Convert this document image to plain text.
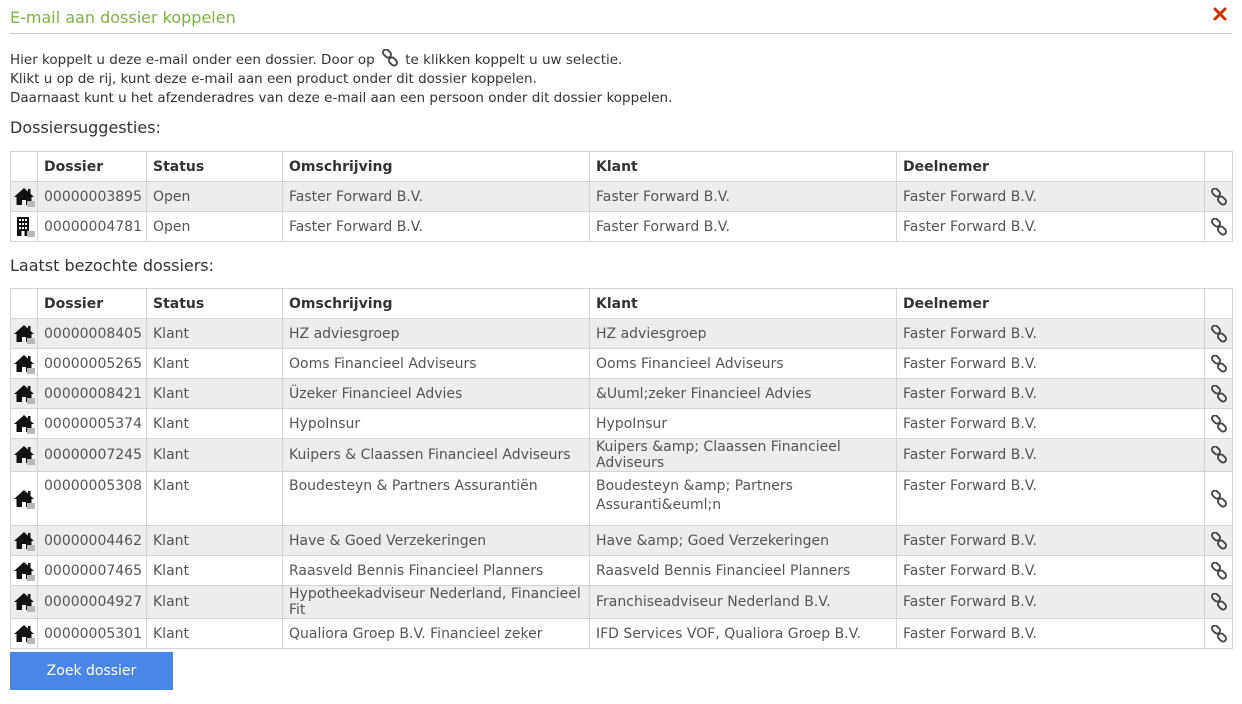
E-mail aan dossier koppelen
Hier koppelt u deze e-mail onder een dossier. Door op te klikken koppelt u uw selectie.
Klikt u op de rij, kunt deze e-mail aan een product onder dit dossier koppelen.
Daarnaast kunt u het afzenderadres van deze e-mail aan een persoon onder dit dossier koppelen.
Dossiersuggesties:
	Dossier	Status	Omschrijving	Klant	Deelnemer	
	00000003895	Open	Faster Forward B.V.	Faster Forward B.V.	Faster Forward B.V.	
	00000004781	Open	Faster Forward B.V.	Faster Forward B.V.	Faster Forward B.V.	
Laatst bezochte dossiers:
	Dossier	Status	Omschrijving	Klant	Deelnemer	
	00000008405	Klant	HZ adviesgroep	HZ adviesgroep	Faster Forward B.V.	
	00000005265	Klant	Ooms Financieel Adviseurs	Ooms Financieel Adviseurs	Faster Forward B.V.	
	00000008421	Klant	Üzeker Financieel Advies	&Uuml;zeker Financieel Advies	Faster Forward B.V.	
	00000005374	Klant	HypoInsur	HypoInsur	Faster Forward B.V.	
	00000007245	Klant	Kuipers & Claassen Financieel Adviseurs	Kuipers &amp; Claassen Financieel Adviseurs	Faster Forward B.V.	
	00000005308	Klant	Boudesteyn & Partners Assurantiën	Boudesteyn &amp; Partners Assuranti&euml;n	Faster Forward B.V.	
	00000004462	Klant	Have & Goed Verzekeringen	Have &amp; Goed Verzekeringen	Faster Forward B.V.	
	00000007465	Klant	Raasveld Bennis Financieel Planners	Raasveld Bennis Financieel Planners	Faster Forward B.V.	
	00000004927	Klant	Hypotheekadviseur Nederland, Financieel Fit	Franchiseadviseur Nederland B.V.	Faster Forward B.V.	
	00000005301	Klant	Qualiora Groep B.V. Financieel zeker	IFD Services VOF, Qualiora Groep B.V.	Faster Forward B.V.	
Zoek dossier
